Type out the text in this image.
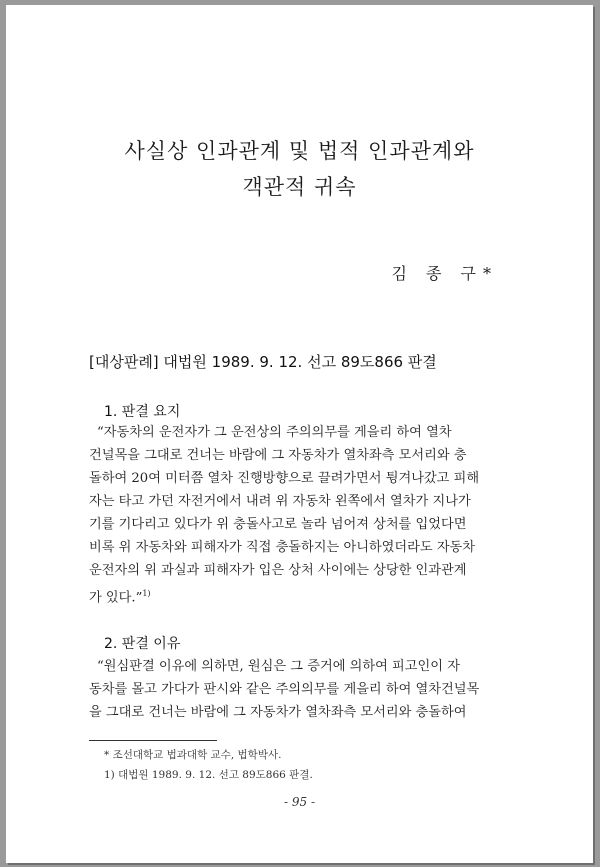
사실상 인과관계 및 법적 인과관계와
객관적 귀속
김 종 구*
[대상판례] 대법원 1989. 9. 12. 선고 89도866 판결
1. 판결 요지
“자동차의 운전자가 그 운전상의 주의의무를 게을리 하여 열차
건널목을 그대로 건너는 바람에 그 자동차가 열차좌측 모서리와 충
돌하여 20여 미터쯤 열차 진행방향으로 끌려가면서 튕겨나갔고 피해
자는 타고 가던 자전거에서 내려 위 자동차 왼쪽에서 열차가 지나가
기를 기다리고 있다가 위 충돌사고로 놀라 넘어져 상처를 입었다면
비록 위 자동차와 피해자가 직접 충돌하지는 아니하였더라도 자동차
운전자의 위 과실과 피해자가 입은 상처 사이에는 상당한 인과관계
가 있다.”$^{1)}$
2. 판결 이유
“원심판결 이유에 의하면, 원심은 그 증거에 의하여 피고인이 자
동차를 몰고 가다가 판시와 같은 주의의무를 게을리 하여 열차건널목
을 그대로 건너는 바람에 그 자동차가 열차좌측 모서리와 충돌하여
* 조선대학교 법과대학 교수, 법학박사.
1) 대법원 1989. 9. 12. 선고 89도866 판결.
- 95 -
